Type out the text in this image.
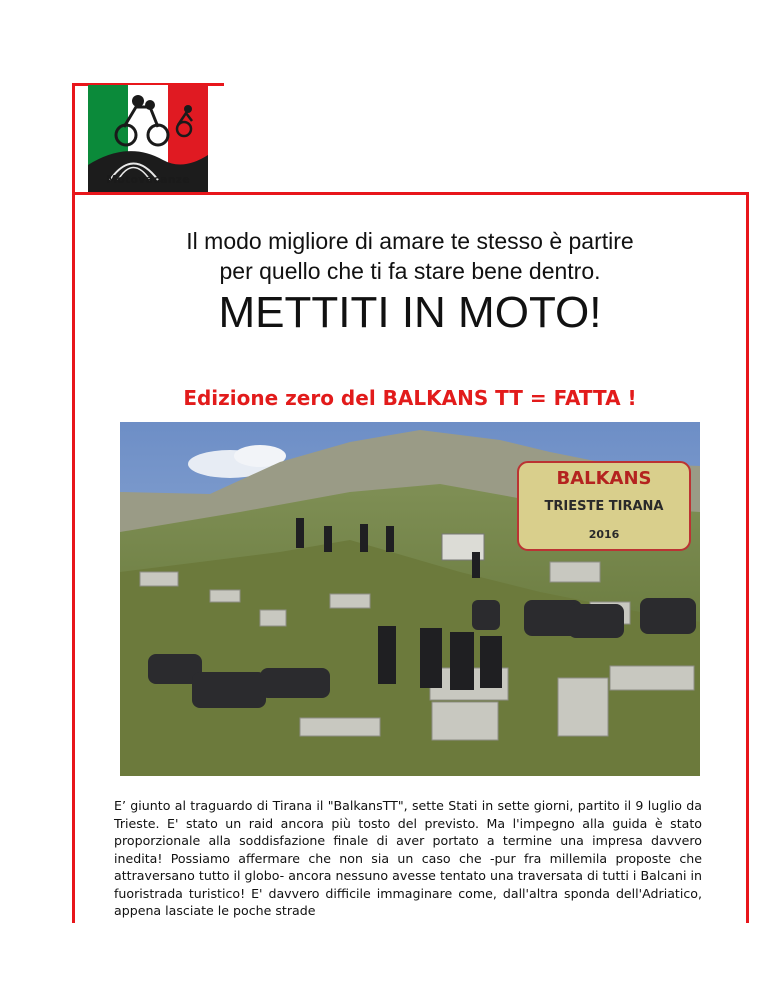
Motovacanze
Il modo migliore di amare te stesso è partire
per quello che ti fa stare bene dentro.
METTITI IN MOTO!
Edizione zero del BALKANS TT = FATTA !
BALKANS
TRIESTE TIRANA
2016

E’ giunto al traguardo di Tirana il "BalkansTT", sette Stati in sette giorni, partito il 9 luglio da Trieste. E' stato un raid ancora più tosto del previsto. Ma l'impegno alla guida è stato proporzionale alla soddisfazione finale di aver portato a termine una impresa davvero inedita! Possiamo affermare che non sia un caso che -pur fra millemila proposte che attraversano tutto il globo- ancora nessuno avesse tentato una traversata di tutti i Balcani in fuoristrada turistico! E' davvero difficile immaginare come, dall'altra sponda dell'Adriatico, appena lasciate le poche strade
